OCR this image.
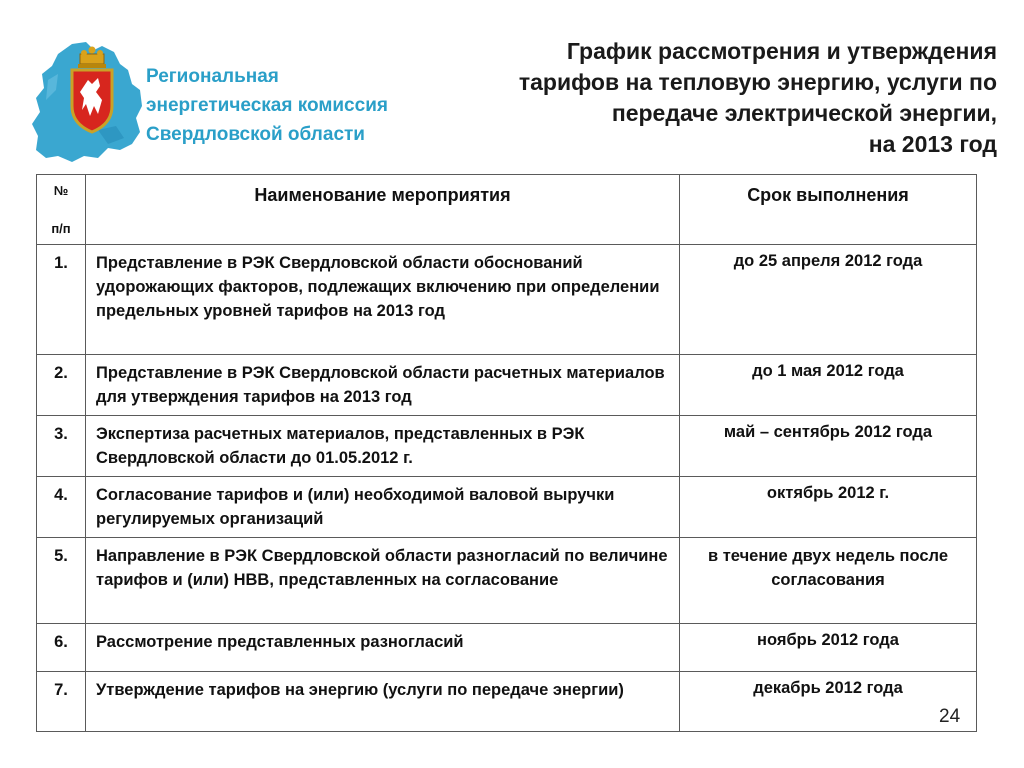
Региональная
энергетическая комиссия
Свердловской области
График рассмотрения и утверждения
тарифов на тепловую энергию, услуги по
передаче электрической энергии,
на 2013 год
№
п/п	Наименование мероприятия	Срок выполнения
1.	Представление в РЭК Свердловской области обоснований удорожающих факторов, подлежащих включению при определении предельных уровней тарифов на 2013 год	до 25 апреля 2012 года
2.	Представление в РЭК Свердловской области расчетных материалов для утверждения тарифов на 2013 год	до 1 мая 2012 года
3.	Экспертиза расчетных материалов, представленных в РЭК Свердловской области до 01.05.2012 г.	май – сентябрь 2012 года
4.	Согласование тарифов и (или) необходимой валовой выручки регулируемых организаций	октябрь 2012 г.
5.	Направление в РЭК Свердловской области разногласий по величине тарифов и (или) НВВ, представленных на согласование	в течение двух недель после согласования
6.	Рассмотрение представленных разногласий	ноябрь 2012 года
7.	Утверждение тарифов на энергию (услуги по передаче энергии)	декабрь 2012 года
24
